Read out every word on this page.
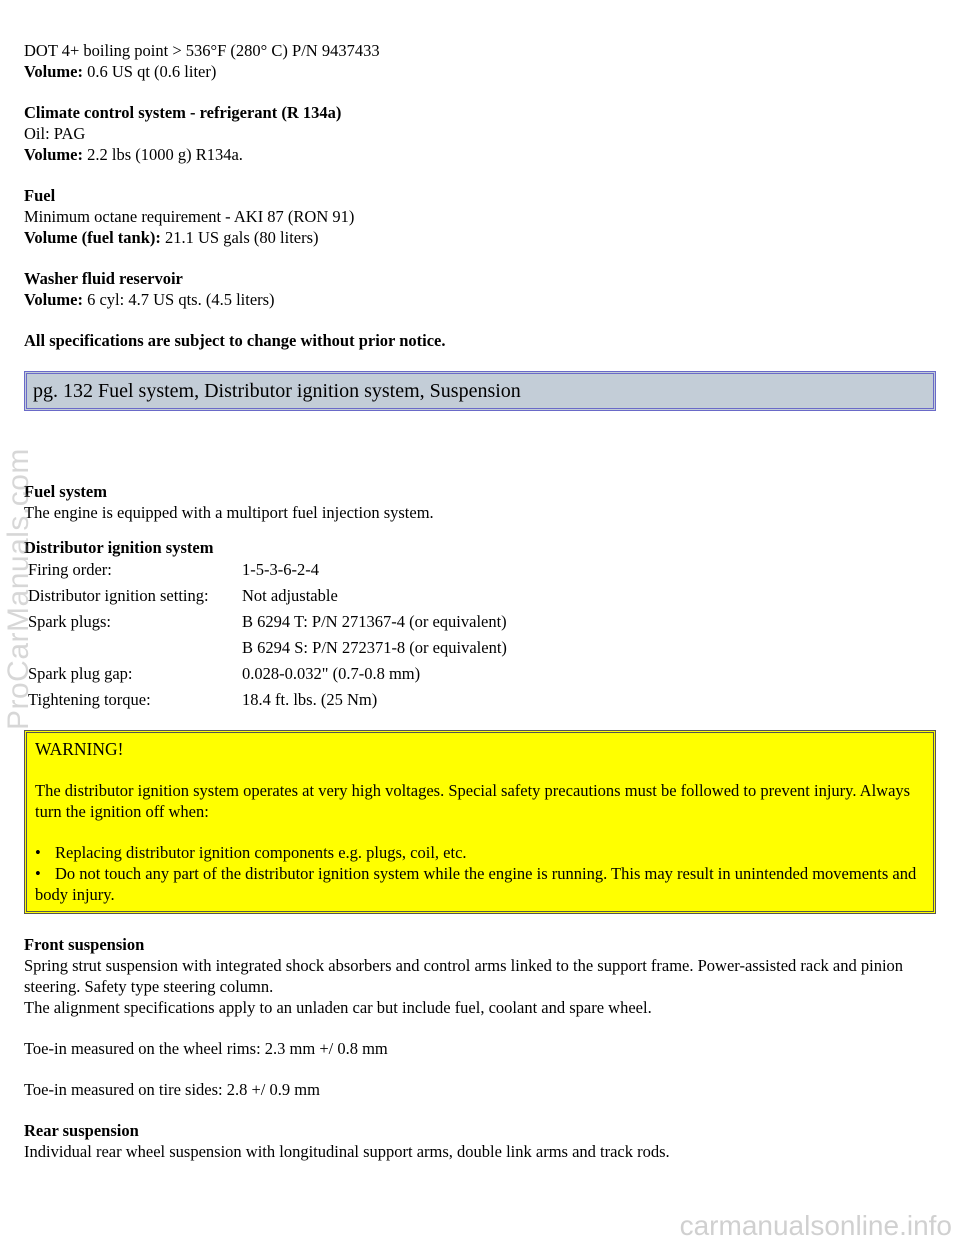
DOT 4+ boiling point > 536°F (280° C) P/N 9437433
Volume: 0.6 US qt (0.6 liter)

Climate control system - refrigerant (R 134a)
Oil: PAG
Volume: 2.2 lbs (1000 g) R134a.

Fuel
Minimum octane requirement - AKI 87 (RON 91)
Volume (fuel tank): 21.1 US gals (80 liters)

Washer fluid reservoir
Volume: 6 cyl: 4.7 US qts. (4.5 liters)

All specifications are subject to change without prior notice.

pg. 132 Fuel system, Distributor ignition system, Suspension

Fuel system
The engine is equipped with a multiport fuel injection system.

Distributor ignition system
Firing order:	1-5-3-6-2-4
Distributor ignition setting:	Not adjustable
Spark plugs:	B 6294 T: P/N 271367-4 (or equivalent)
	B 6294 S: P/N 272371-8 (or equivalent)
Spark plug gap:	0.028-0.032" (0.7-0.8 mm)
Tightening torque:	18.4 ft. lbs. (25 Nm)
WARNING!

The distributor ignition system operates at very high voltages. Special safety precautions must be followed to prevent injury. Always turn the ignition off when:

• Replacing distributor ignition components e.g. plugs, coil, etc.
• Do not touch any part of the distributor ignition system while the engine is running. This may result in unintended movements and body injury.

Front suspension
Spring strut suspension with integrated shock absorbers and control arms linked to the support frame. Power-assisted rack and pinion steering. Safety type steering column.
The alignment specifications apply to an unladen car but include fuel, coolant and spare wheel.

Toe-in measured on the wheel rims: 2.3 mm +/ 0.8 mm

Toe-in measured on tire sides: 2.8 +/ 0.9 mm

Rear suspension
Individual rear wheel suspension with longitudinal support arms, double link arms and track rods.

ProCarManuals.com
carmanualsonline.info
